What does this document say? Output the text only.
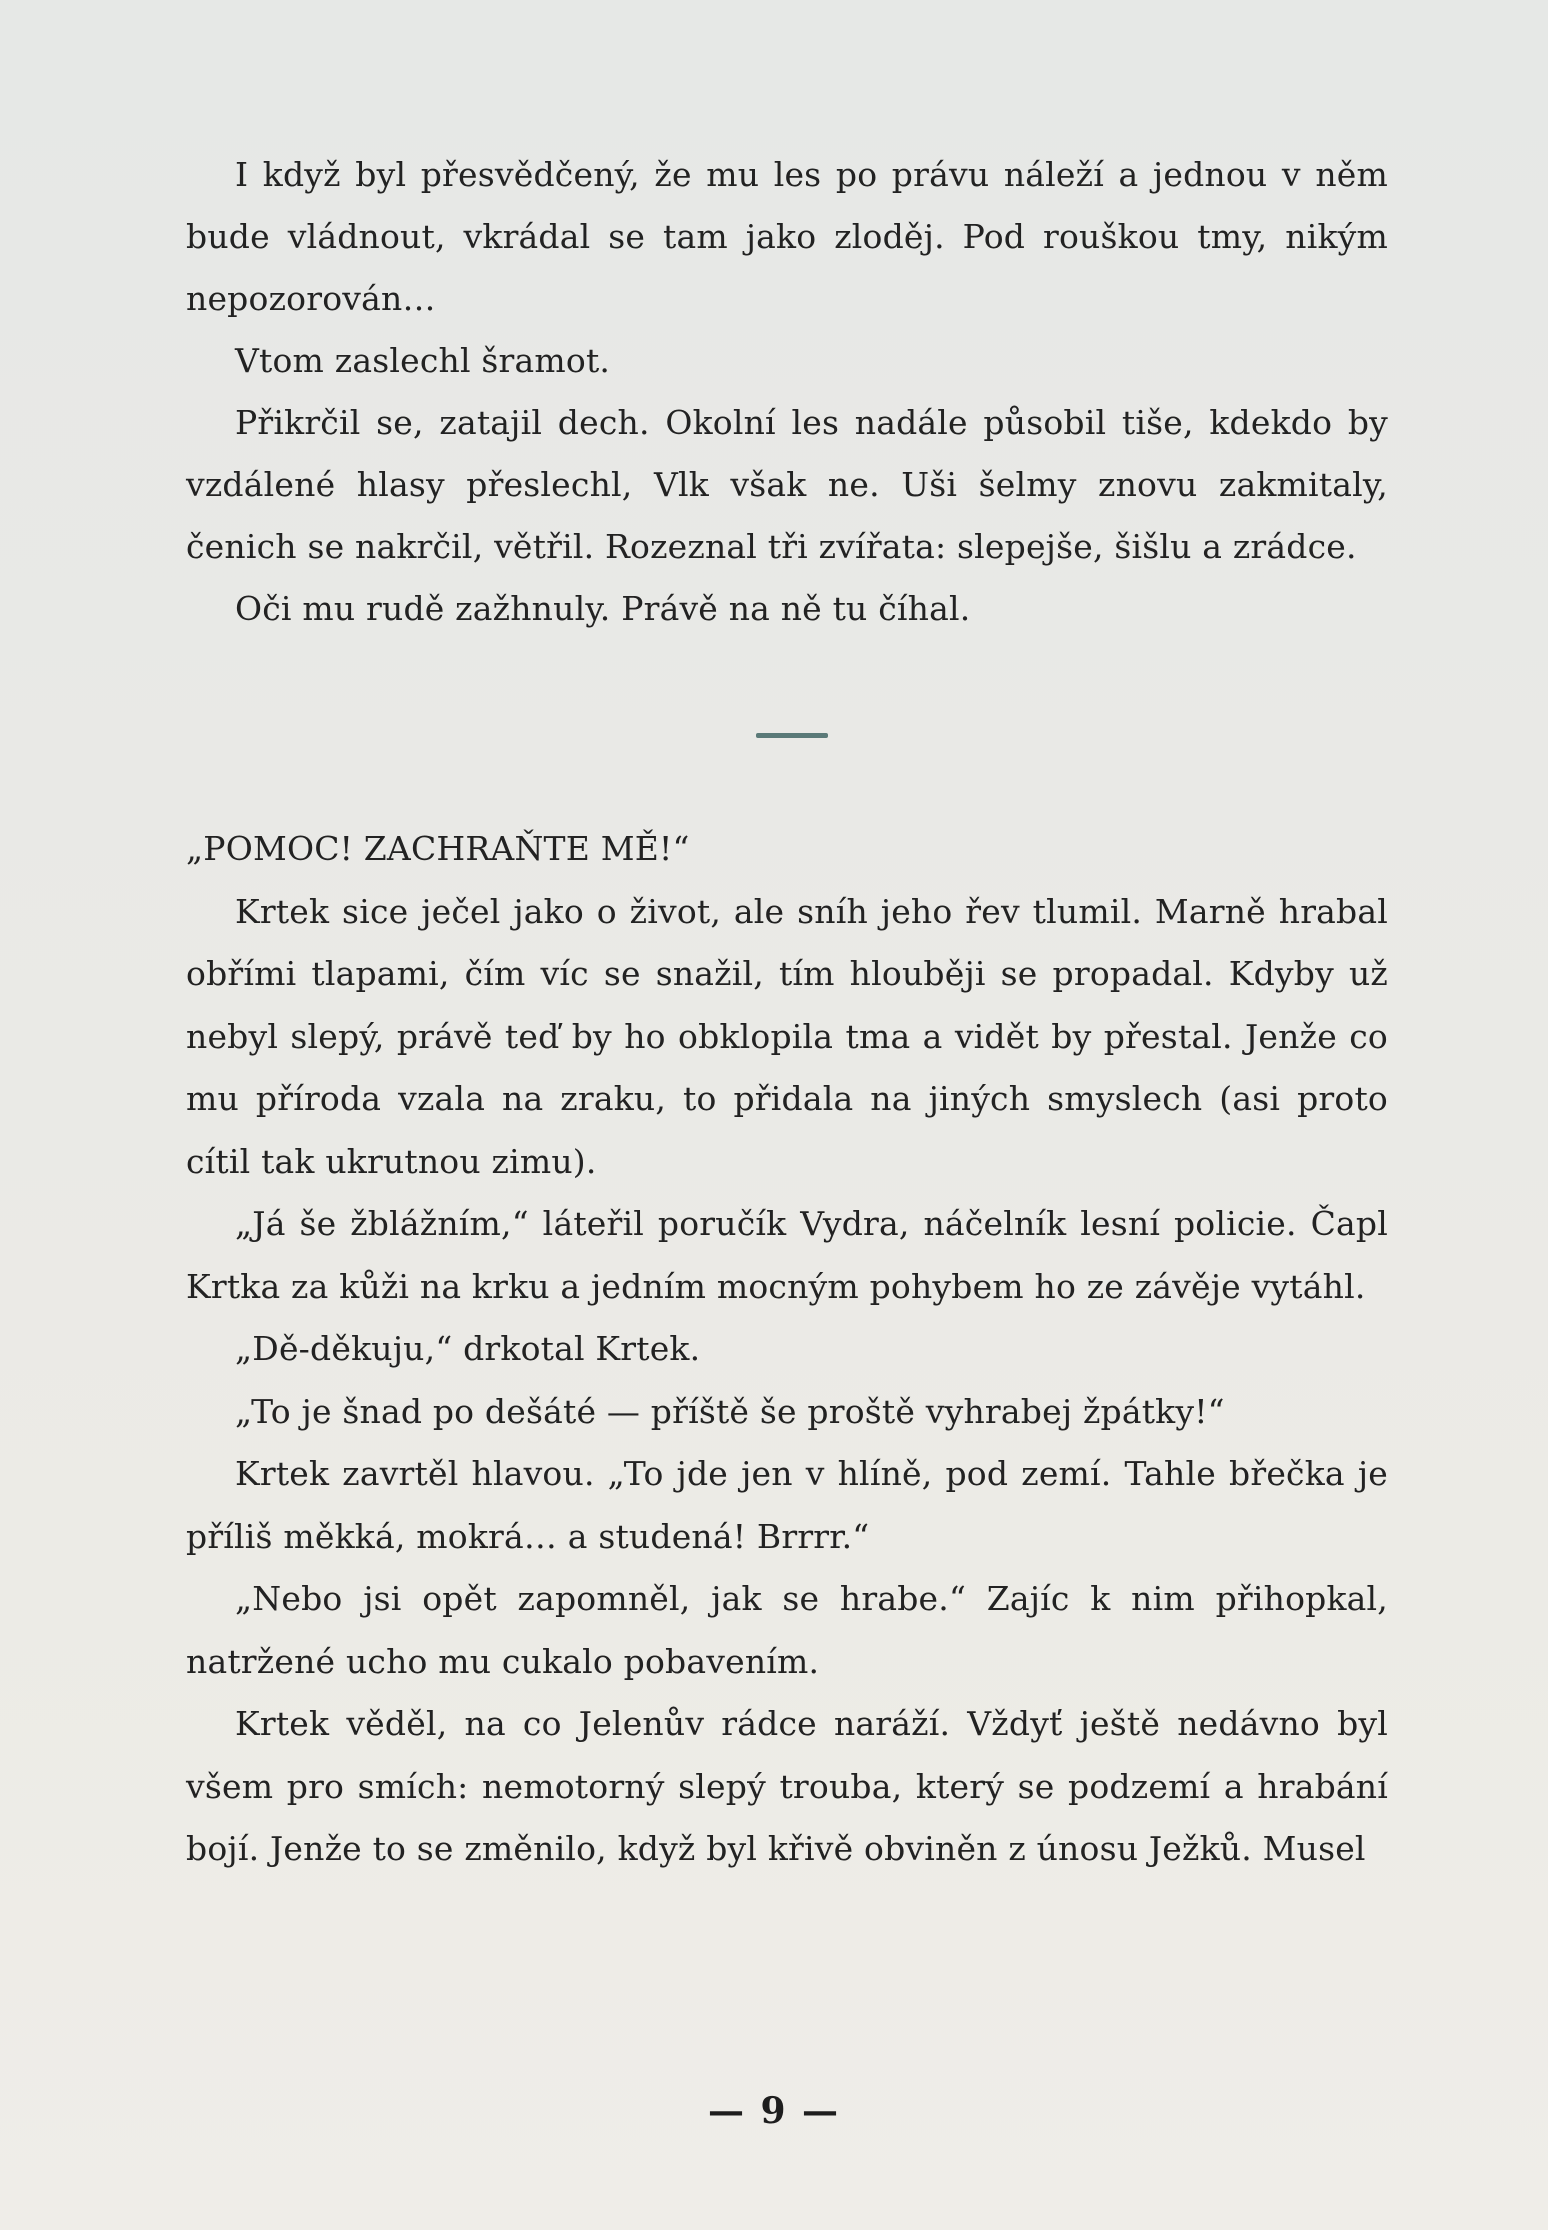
I když byl přesvědčený, že mu les po právu náleží a jednou v něm bude vládnout, vkrádal se tam jako zloděj. Pod rouškou tmy, nikým nepozorován…

Vtom zaslechl šramot.

Přikrčil se, zatajil dech. Okolní les nadále působil tiše, kdekdo by vzdálené hlasy přeslechl, Vlk však ne. Uši šelmy znovu zakmitaly, čenich se nakrčil, větřil. Rozeznal tři zvířata: slepejše, šišlu a zrádce.

Oči mu rudě zažhnuly. Právě na ně tu číhal.

„POMOC! ZACHRAŇTE MĚ!“

Krtek sice ječel jako o život, ale sníh jeho řev tlumil. Marně hrabal obřími tlapami, čím víc se snažil, tím hlouběji se propadal. Kdyby už nebyl slepý, právě teď by ho obklopila tma a vidět by přestal. Jenže co mu příroda vzala na zraku, to přidala na jiných smyslech (asi proto cítil tak ukrutnou zimu).

„Já še žblážním,“ láteřil poručík Vydra, náčelník lesní policie. Čapl Krtka za kůži na krku a jedním mocným pohybem ho ze závěje vytáhl.

„Dě-děkuju,“ drkotal Krtek.

„To je šnad po dešáté — příště še proště vyhrabej žpátky!“

Krtek zavrtěl hlavou. „To jde jen v hlíně, pod zemí. Tahle břečka je příliš měkká, mokrá… a studená! Brrrr.“

„Nebo jsi opět zapomněl, jak se hrabe.“ Zajíc k nim přihopkal, natržené ucho mu cukalo pobavením.

Krtek věděl, na co Jelenův rádce naráží. Vždyť ještě nedávno byl všem pro smích: nemotorný slepý trouba, který se podzemí a hrabání bojí. Jenže to se změnilo, když byl křivě obviněn z únosu Ježků. Musel

— 9 —
